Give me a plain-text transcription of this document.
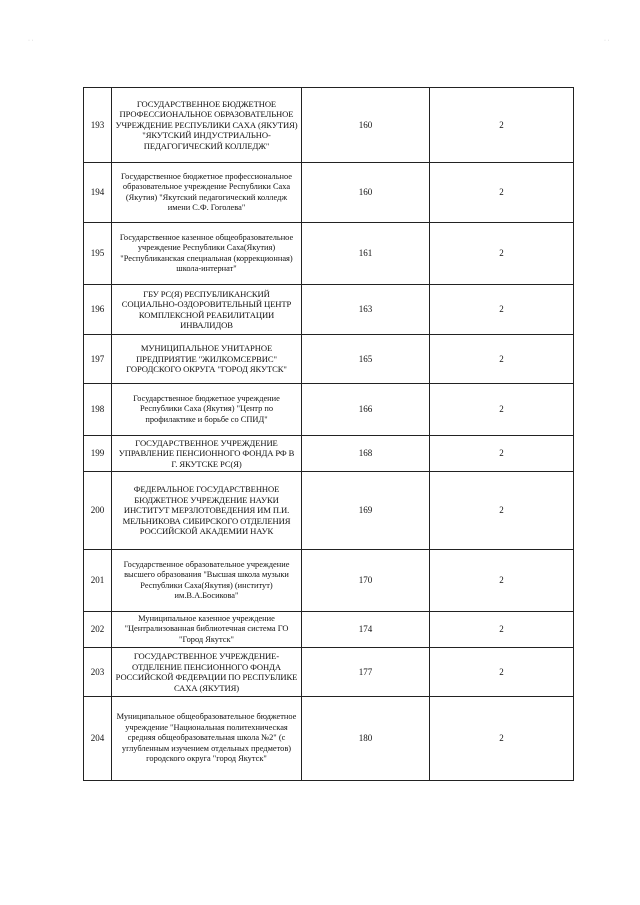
· ·	· ·
193	ГОСУДАРСТВЕННОЕ БЮДЖЕТНОЕ ПРОФЕССИОНАЛЬНОЕ ОБРАЗОВАТЕЛЬНОЕ УЧРЕЖДЕНИЕ РЕСПУБЛИКИ САХА (ЯКУТИЯ) "ЯКУТСКИЙ ИНДУСТРИАЛЬНО-ПЕДАГОГИЧЕСКИЙ КОЛЛЕДЖ"	160	2
194	Государственное бюджетное профессиональное образовательное учреждение Республики Саха (Якутия) "Якутский педагогический колледж имени С.Ф. Гоголева"	160	2
195	Государственное казенное общеобразовательное учреждение Республики Саха(Якутия) "Республиканская специальная (коррекционная) школа-интернат"	161	2
196	ГБУ РС(Я) РЕСПУБЛИКАНСКИЙ СОЦИАЛЬНО-ОЗДОРОВИТЕЛЬНЫЙ ЦЕНТР КОМПЛЕКСНОЙ РЕАБИЛИТАЦИИ ИНВАЛИДОВ	163	2
197	МУНИЦИПАЛЬНОЕ УНИТАРНОЕ ПРЕДПРИЯТИЕ "ЖИЛКОМСЕРВИС" ГОРОДСКОГО ОКРУГА "ГОРОД ЯКУТСК"	165	2
198	Государственное бюджетное учреждение Республики Саха (Якутия) "Центр по профилактике и борьбе со СПИД"	166	2
199	ГОСУДАРСТВЕННОЕ УЧРЕЖДЕНИЕ УПРАВЛЕНИЕ ПЕНСИОННОГО ФОНДА РФ В Г. ЯКУТСКЕ РС(Я)	168	2
200	ФЕДЕРАЛЬНОЕ ГОСУДАРСТВЕННОЕ БЮДЖЕТНОЕ УЧРЕЖДЕНИЕ НАУКИ ИНСТИТУТ МЕРЗЛОТОВЕДЕНИЯ ИМ П.И. МЕЛЬНИКОВА СИБИРСКОГО ОТДЕЛЕНИЯ РОССИЙСКОЙ АКАДЕМИИ НАУК	169	2
201	Государственное образовательное учреждение высшего образования "Высшая школа музыки Республики Саха(Якутия) (институт) им.В.А.Босикова"	170	2
202	Муниципальное казенное учреждение "Централизованная библиотечная система ГО "Город Якутск"	174	2
203	ГОСУДАРСТВЕННОЕ УЧРЕЖДЕНИЕ-ОТДЕЛЕНИЕ ПЕНСИОННОГО ФОНДА РОССИЙСКОЙ ФЕДЕРАЦИИ ПО РЕСПУБЛИКЕ САХА (ЯКУТИЯ)	177	2
204	Муниципальное общеобразовательное бюджетное учреждение "Национальная политехническая средняя общеобразовательная школа №2" (с углубленным изучением отдельных предметов) городского округа "город Якутск"	180	2
